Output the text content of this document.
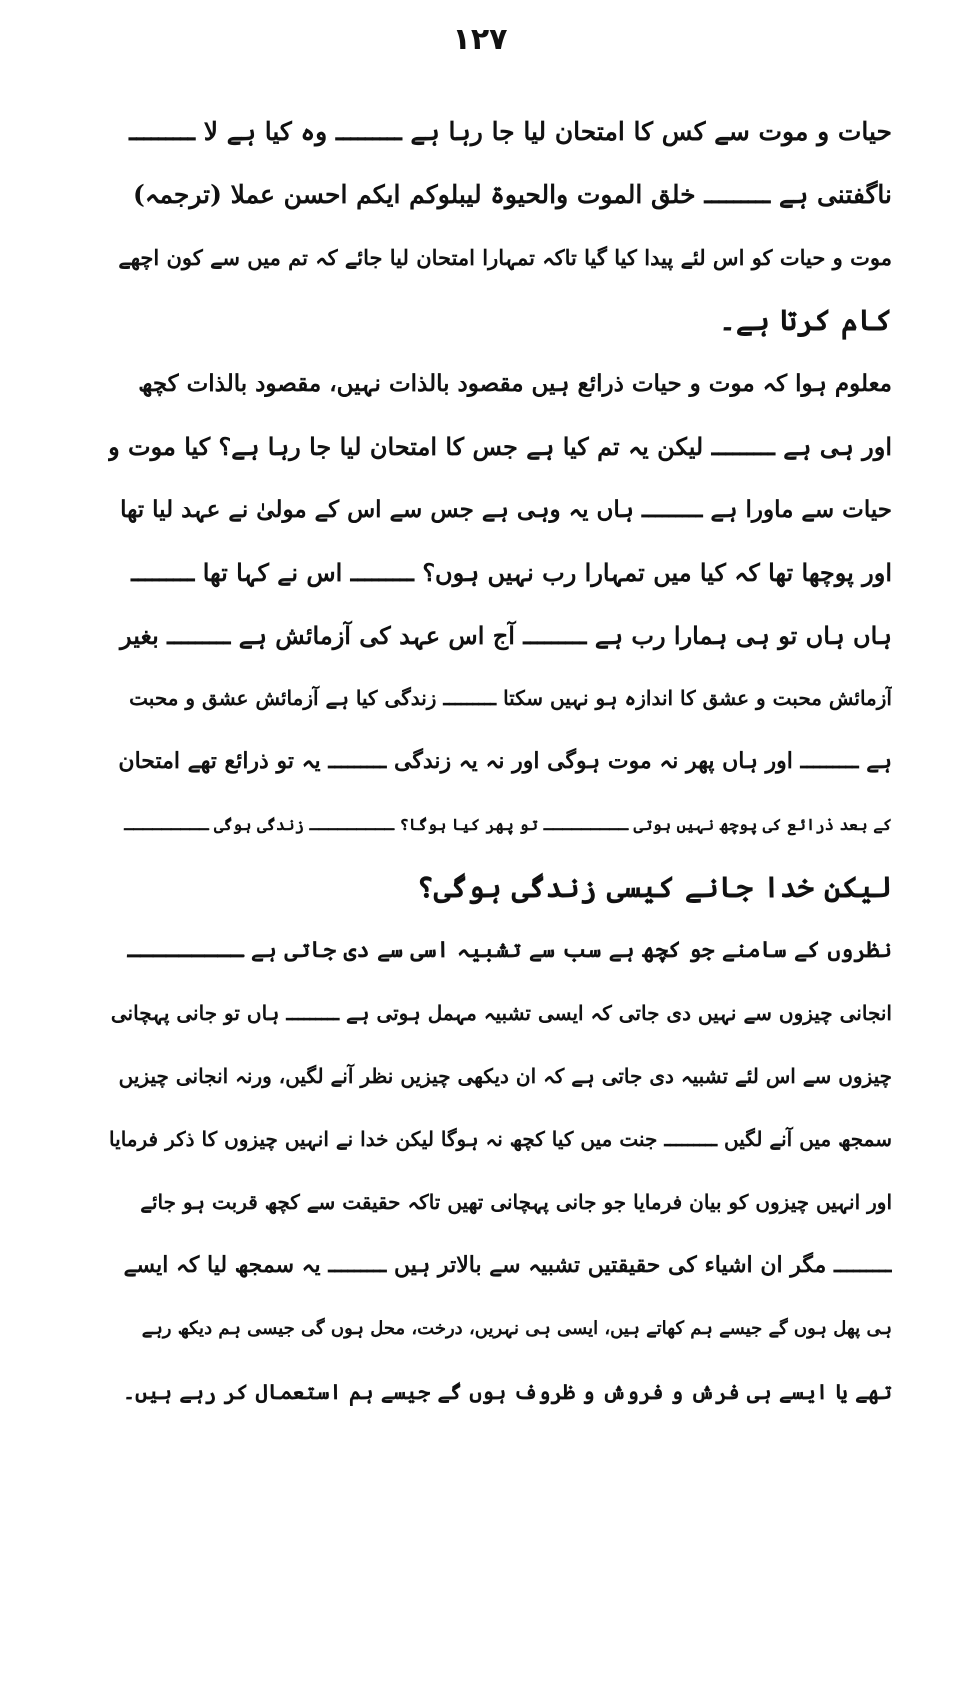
۱۲۷
حیات و موت سے کس کا امتحان لیا جا رہا ہے ـــــــــ وہ کیا ہے لا ـــــــــ
ناگفتنی ہے ـــــــــ خلق الموت والحیوۃ لیبلوکم ایکم احسن عملا (ترجمہ)
موت و حیات کو اس لئے پیدا کیا گیا تاکہ تمہارا امتحان لیا جائے کہ تم میں سے کون اچھے
کام کرتا ہے۔
معلوم ہوا کہ موت و حیات ذرائع ہیں مقصود بالذات نہیں، مقصود بالذات کچھ
اور ہی ہے ـــــــــ لیکن یہ تم کیا ہے جس کا امتحان لیا جا رہا ہے؟ کیا موت و
حیات سے ماورا ہے ـــــــــ ہاں یہ وہی ہے جس سے اس کے مولیٰ نے عہد لیا تھا
اور پوچھا تھا کہ کیا میں تمہارا رب نہیں ہوں؟ ـــــــــ اس نے کہا تھا ـــــــــ
ہاں ہاں تو ہی ہمارا رب ہے ـــــــــ آج اس عہد کی آزمائش ہے ـــــــــ بغیر
آزمائش محبت و عشق کا اندازہ ہو نہیں سکتا ـــــــــ زندگی کیا ہے آزمائش عشق و محبت
ہے ـــــــــ اور ہاں پھر نہ موت ہوگی اور نہ یہ زندگی ـــــــــ یہ تو ذرائع تھے امتحان
کے بعد ذرائع کی پوچھ نہیں ہوتی ـــــــــ تو پھر کیا ہوگا؟ ـــــــــ زندگی ہوگی ـــــــــ
لیکن خدا جانے کیسی زندگی ہوگی؟
نظروں کے سامنے جو کچھ ہے سب سے تشبیہ اسی سے دی جاتی ہے ـــــــــ
انجانی چیزوں سے نہیں دی جاتی کہ ایسی تشبیہ مہمل ہوتی ہے ـــــــــ ہاں تو جانی پہچانی
چیزوں سے اس لئے تشبیہ دی جاتی ہے کہ ان دیکھی چیزیں نظر آنے لگیں، ورنہ انجانی چیزیں
سمجھ میں آنے لگیں ـــــــــ جنت میں کیا کچھ نہ ہوگا لیکن خدا نے انہیں چیزوں کا ذکر فرمایا
اور انہیں چیزوں کو بیان فرمایا جو جانی پہچانی تھیں تاکہ حقیقت سے کچھ قربت ہو جائے
ـــــــــ مگر ان اشیاء کی حقیقتیں تشبیہ سے بالاتر ہیں ـــــــــ یہ سمجھ لیا کہ ایسے
ہی پھل ہوں گے جیسے ہم کھاتے ہیں، ایسی ہی نہریں، درخت، محل ہوں گی جیسی ہم دیکھ رہے
تھے یا ایسے ہی فرش و فروش و ظروف ہوں گے جیسے ہم استعمال کر رہے ہیں۔
